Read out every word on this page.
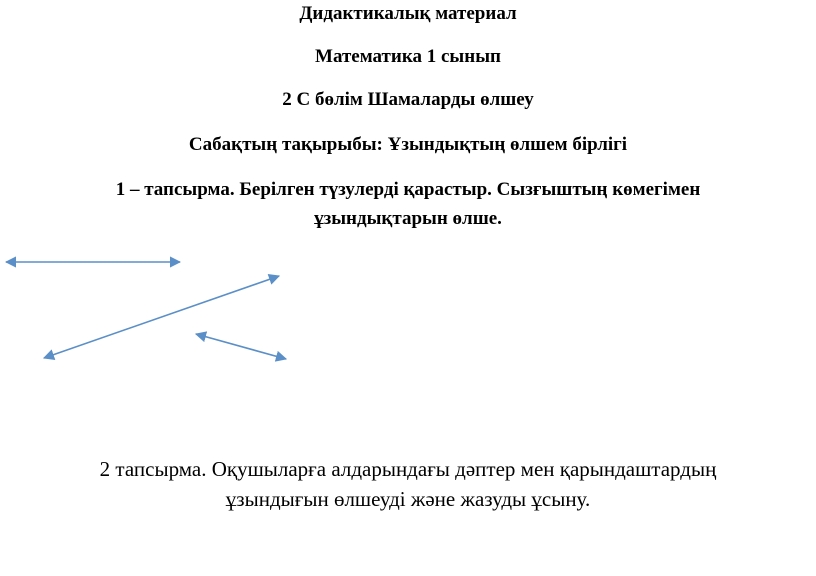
Дидактикалық материал
Математика 1 сынып
2 С бөлім Шамаларды өлшеу
Сабақтың тақырыбы: Ұзындықтың өлшем бірлігі
1 – тапсырма. Берілген түзулерді қарастыр. Сызғыштың көмегімен
ұзындықтарын өлше.
2 тапсырма. Оқушыларға алдарындағы дәптер мен қарындаштардың
ұзындығын өлшеуді және жазуды ұсыну.
